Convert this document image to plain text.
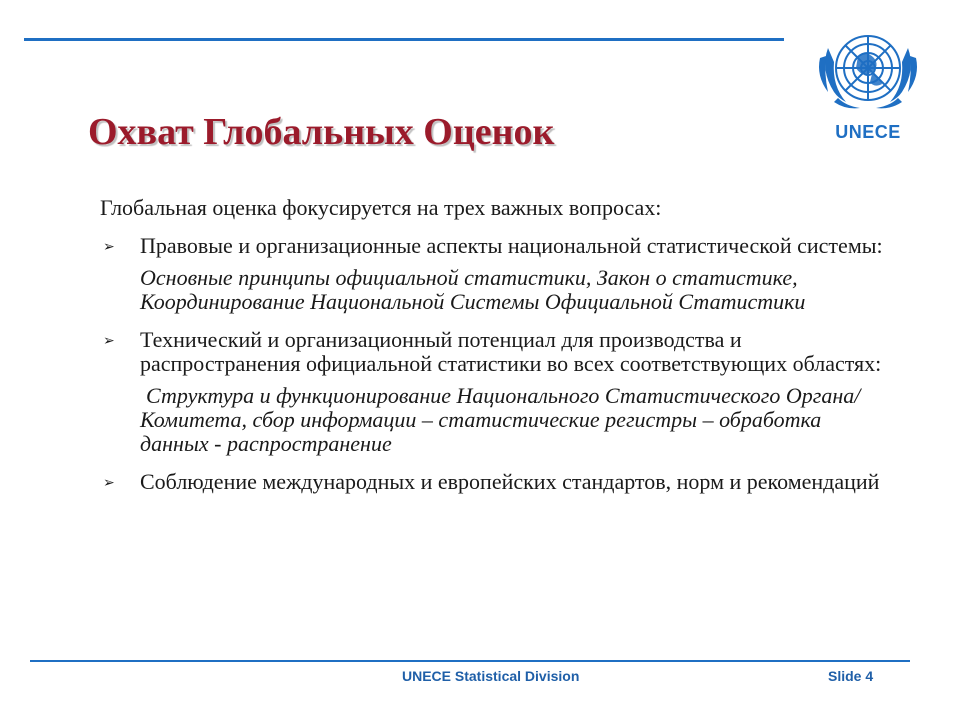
UNECE
Охват Глобальных Оценок

Глобальная оценка фокусируется на трех важных вопросах:

➢ Правовые и организационные аспекты национальной статистической системы:

Основные принципы официальной статистики, Закон о статистике, Координирование Национальной Системы Официальной Статистики

➢ Технический и организационный потенциал для производства и распространения официальной статистики во всех соответствующих областях:

Структура и функционирование Национального Статистического Органа/Комитета, сбор информации – статистические регистры – обработка данных - распространение

➢ Соблюдение международных и европейских стандартов, норм и рекомендаций
UNECE Statistical Division	Slide 4
